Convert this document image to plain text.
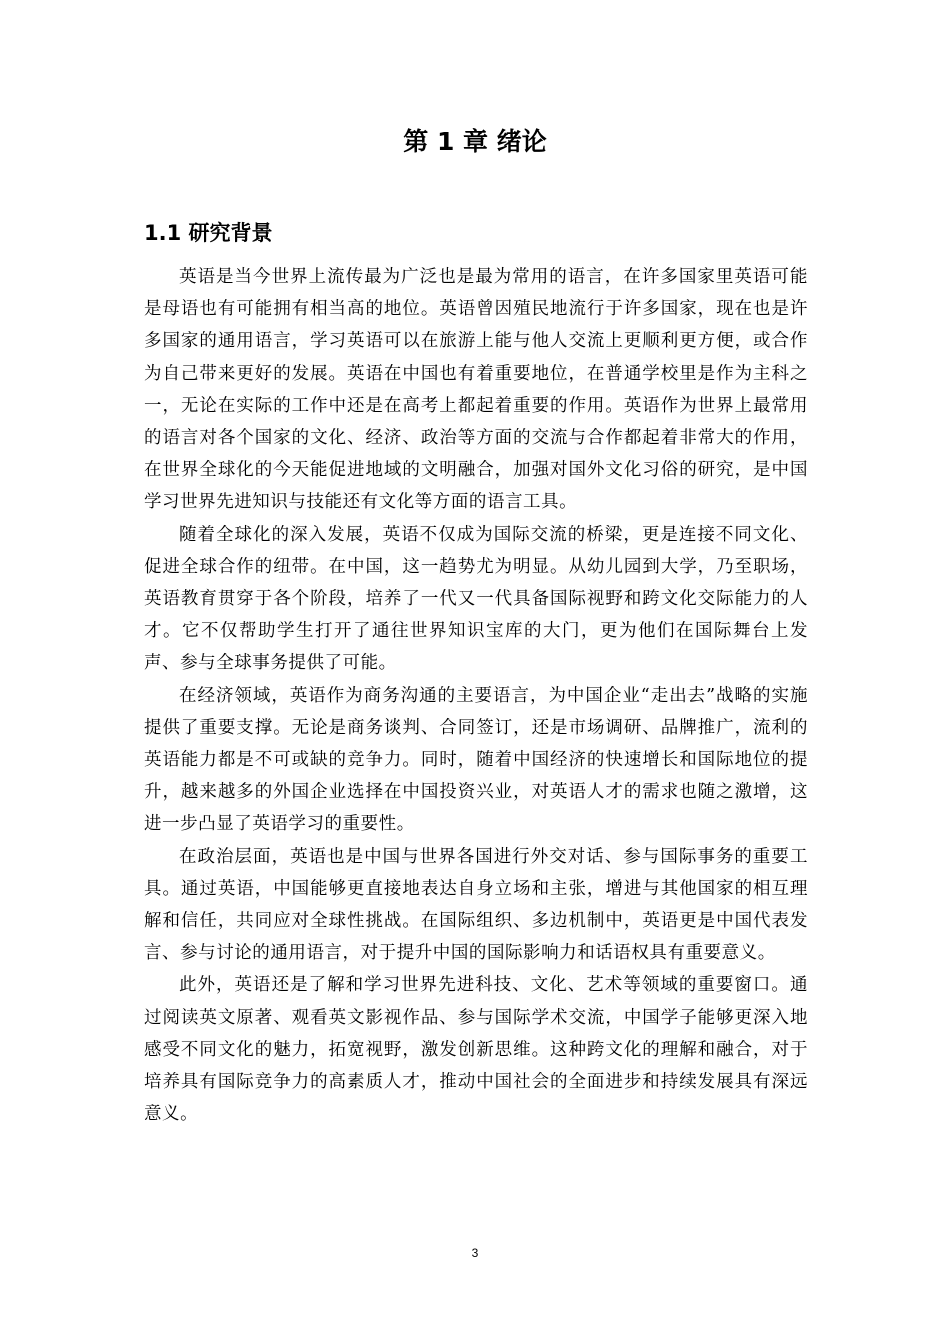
第 1 章 绪论
1.1 研究背景

英语是当今世界上流传最为广泛也是最为常用的语言，在许多国家里英语可能是母语也有可能拥有相当高的地位。英语曾因殖民地流行于许多国家，现在也是许多国家的通用语言，学习英语可以在旅游上能与他人交流上更顺利更方便，或合作为自己带来更好的发展。英语在中国也有着重要地位，在普通学校里是作为主科之一，无论在实际的工作中还是在高考上都起着重要的作用。英语作为世界上最常用的语言对各个国家的文化、经济、政治等方面的交流与合作都起着非常大的作用，在世界全球化的今天能促进地域的文明融合，加强对国外文化习俗的研究，是中国学习世界先进知识与技能还有文化等方面的语言工具。

随着全球化的深入发展，英语不仅成为国际交流的桥梁，更是连接不同文化、促进全球合作的纽带。在中国，这一趋势尤为明显。从幼儿园到大学，乃至职场，英语教育贯穿于各个阶段，培养了一代又一代具备国际视野和跨文化交际能力的人才。它不仅帮助学生打开了通往世界知识宝库的大门，更为他们在国际舞台上发声、参与全球事务提供了可能。

在经济领域，英语作为商务沟通的主要语言，为中国企业“走出去”战略的实施提供了重要支撑。无论是商务谈判、合同签订，还是市场调研、品牌推广，流利的英语能力都是不可或缺的竞争力。同时，随着中国经济的快速增长和国际地位的提升，越来越多的外国企业选择在中国投资兴业，对英语人才的需求也随之激增，这进一步凸显了英语学习的重要性。

在政治层面，英语也是中国与世界各国进行外交对话、参与国际事务的重要工具。通过英语，中国能够更直接地表达自身立场和主张，增进与其他国家的相互理解和信任，共同应对全球性挑战。在国际组织、多边机制中，英语更是中国代表发言、参与讨论的通用语言，对于提升中国的国际影响力和话语权具有重要意义。

此外，英语还是了解和学习世界先进科技、文化、艺术等领域的重要窗口。通过阅读英文原著、观看英文影视作品、参与国际学术交流，中国学子能够更深入地感受不同文化的魅力，拓宽视野，激发创新思维。这种跨文化的理解和融合，对于培养具有国际竞争力的高素质人才，推动中国社会的全面进步和持续发展具有深远意义。

3
